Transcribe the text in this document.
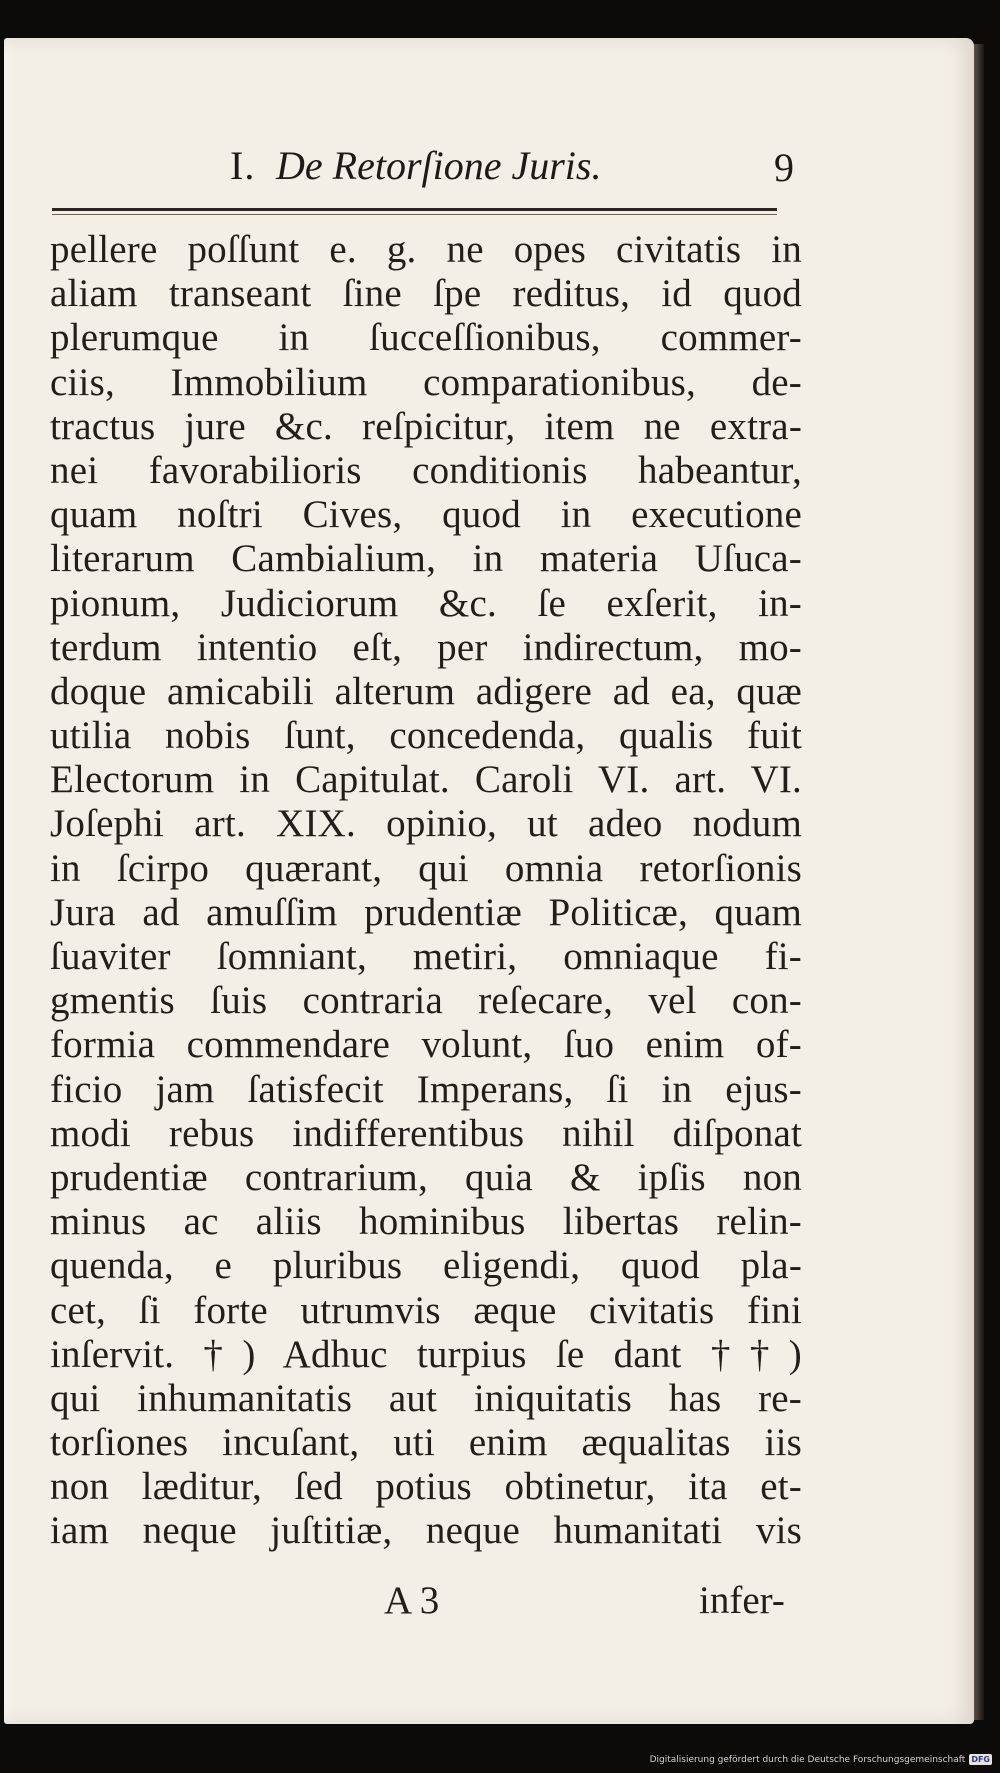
I. De Retorſione Juris.	9
pellere poſſunt e. g. ne opes civitatis in
aliam transeant ſine ſpe reditus, id quod
plerumque in ſucceſſionibus, commer-
ciis, Immobilium comparationibus, de-
tractus jure &c. reſpicitur, item ne extra-
nei favorabilioris conditionis habeantur,
quam noſtri Cives, quod in executione
literarum Cambialium, in materia Uſuca-
pionum, Judiciorum &c. ſe exſerit, in-
terdum intentio eſt, per indirectum, mo-
doque amicabili alterum adigere ad ea, quæ
utilia nobis ſunt, concedenda, qualis fuit
Electorum in Capitulat. Caroli VI. art. VI.
Joſephi art. XIX. opinio, ut adeo nodum
in ſcirpo quærant, qui omnia retorſionis
Jura ad amuſſim prudentiæ Politicæ, quam
ſuaviter ſomniant, metiri, omniaque fi-
gmentis ſuis contraria reſecare, vel con-
formia commendare volunt, ſuo enim of-
ficio jam ſatisfecit Imperans, ſi in ejus-
modi rebus indifferentibus nihil diſponat
prudentiæ contrarium, quia & ipſis non
minus ac aliis hominibus libertas relin-
quenda, e pluribus eligendi, quod pla-
cet, ſi forte utrumvis æque civitatis fini
inſervit. †) Adhuc turpius ſe dant ††)
qui inhumanitatis aut iniquitatis has re-
torſiones incuſant, uti enim æqualitas iis
non læditur, ſed potius obtinetur, ita et-
iam neque juſtitiæ, neque humanitati vis
A 3	infer-
Digitalisierung gefördert durch die Deutsche Forschungsgemeinschaft DFG
